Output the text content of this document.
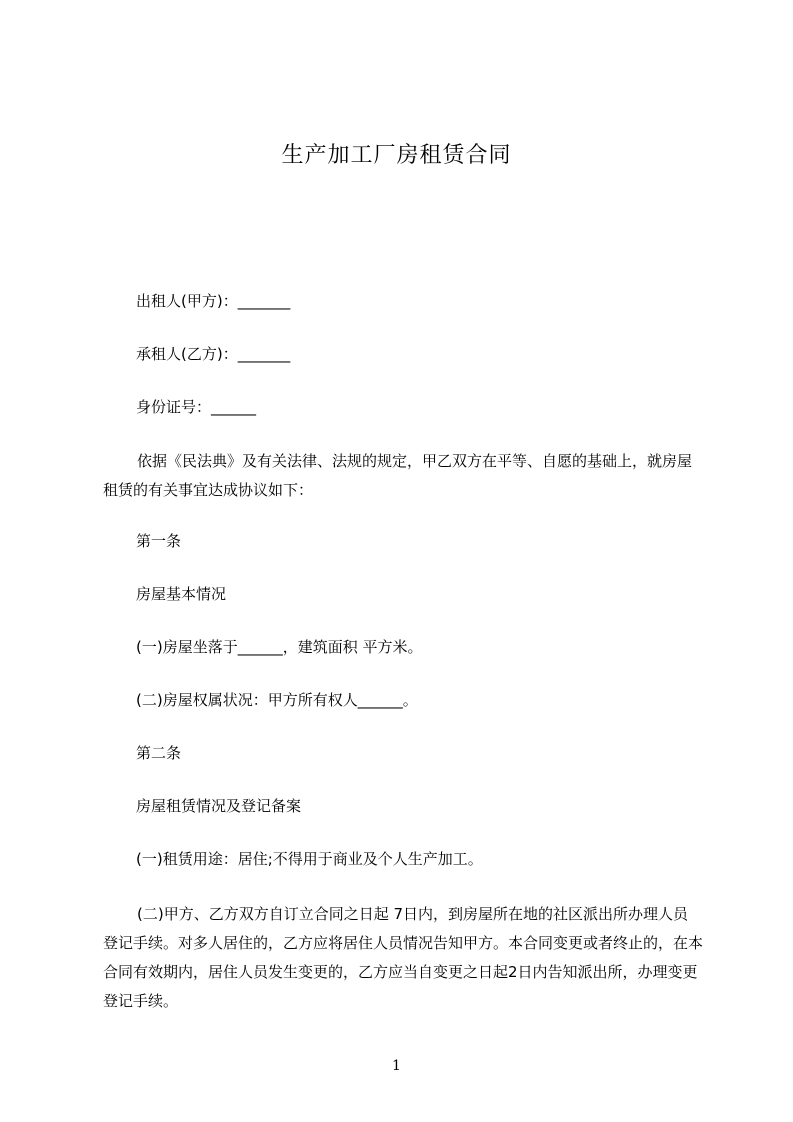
生产加工厂房租赁合同
出租人(甲方)：_______
承租人(乙方)：_______
身份证号：______
依据《民法典》及有关法律、法规的规定，甲乙双方在平等、自愿的基础上，就房屋租赁的有关事宜达成协议如下：
第一条
房屋基本情况
(一)房屋坐落于______，建筑面积 平方米。
(二)房屋权属状况：甲方所有权人______。
第二条
房屋租赁情况及登记备案
(一)租赁用途：居住;不得用于商业及个人生产加工。
(二)甲方、乙方双方自订立合同之日起 7日内，到房屋所在地的社区派出所办理人员登记手续。对多人居住的，乙方应将居住人员情况告知甲方。本合同变更或者终止的，在本合同有效期内，居住人员发生变更的，乙方应当自变更之日起2日内告知派出所，办理变更登记手续。
1
